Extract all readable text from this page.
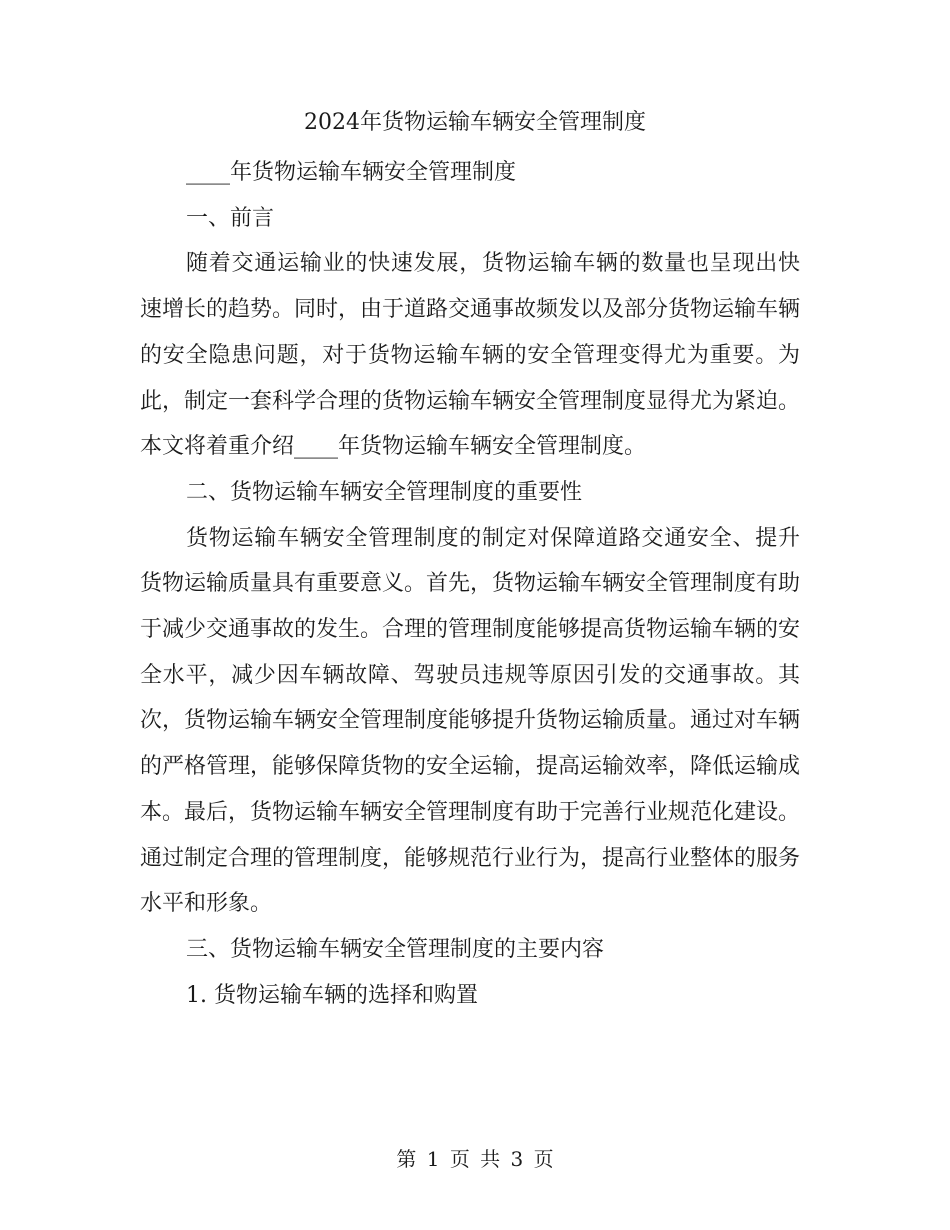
2024年货物运输车辆安全管理制度
____年货物运输车辆安全管理制度
一、前言

随着交通运输业的快速发展，货物运输车辆的数量也呈现出快速增长的趋势。同时，由于道路交通事故频发以及部分货物运输车辆的安全隐患问题，对于货物运输车辆的安全管理变得尤为重要。为此，制定一套科学合理的货物运输车辆安全管理制度显得尤为紧迫。本文将着重介绍____年货物运输车辆安全管理制度。

二、货物运输车辆安全管理制度的重要性

货物运输车辆安全管理制度的制定对保障道路交通安全、提升货物运输质量具有重要意义。首先，货物运输车辆安全管理制度有助于减少交通事故的发生。合理的管理制度能够提高货物运输车辆的安全水平，减少因车辆故障、驾驶员违规等原因引发的交通事故。其次，货物运输车辆安全管理制度能够提升货物运输质量。通过对车辆的严格管理，能够保障货物的安全运输，提高运输效率，降低运输成本。最后，货物运输车辆安全管理制度有助于完善行业规范化建设。通过制定合理的管理制度，能够规范行业行为，提高行业整体的服务水平和形象。

三、货物运输车辆安全管理制度的主要内容
1. 货物运输车辆的选择和购置
第 1 页 共 3 页
